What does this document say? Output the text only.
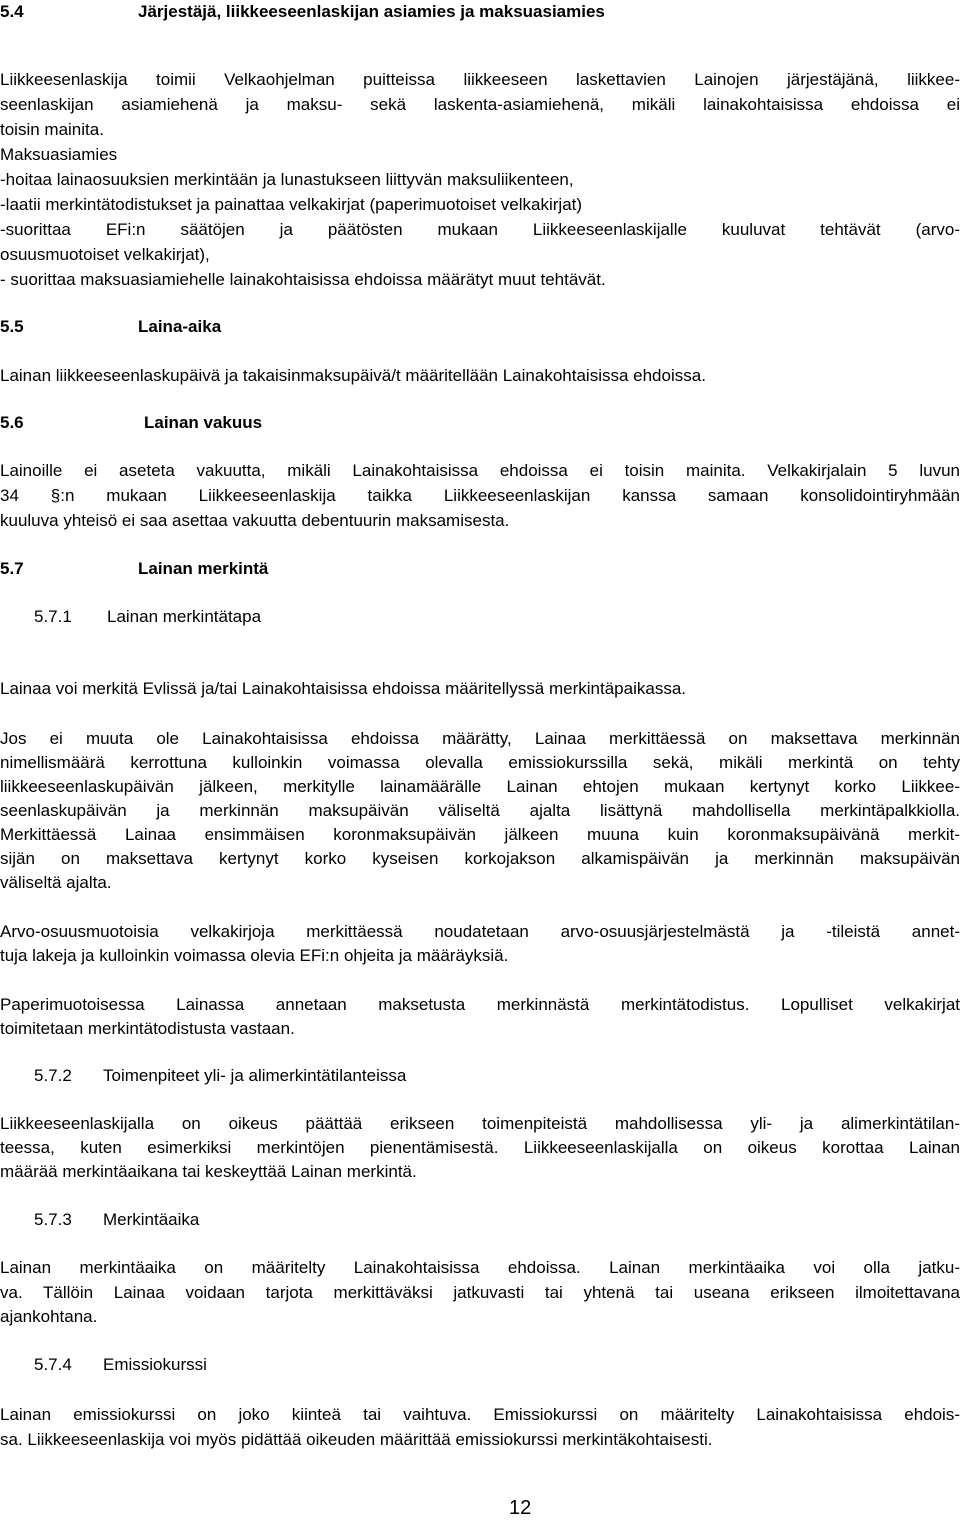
5.4	Järjestäjä, liikkeeseenlaskijan asiamies ja maksuasiamies
Liikkeesenlaskija toimii Velkaohjelman puitteissa liikkeeseen laskettavien Lainojen järjestäjänä, liikkee-
seenlaskijan asiamiehenä ja maksu- sekä laskenta-asiamiehenä, mikäli lainakohtaisissa ehdoissa ei
toisin mainita.
Maksuasiamies
-hoitaa lainaosuuksien merkintään ja lunastukseen liittyvän maksuliikenteen,
-laatii merkintätodistukset ja painattaa velkakirjat (paperimuotoiset velkakirjat)
-suorittaa EFi:n säätöjen ja päätösten mukaan Liikkeeseenlaskijalle kuuluvat tehtävät (arvo-
osuusmuotoiset velkakirjat),
- suorittaa maksuasiamiehelle lainakohtaisissa ehdoissa määrätyt muut tehtävät.
5.5	Laina-aika
Lainan liikkeeseenlaskupäivä ja takaisinmaksupäivä/t määritellään Lainakohtaisissa ehdoissa.
5.6	Lainan vakuus
Lainoille ei aseteta vakuutta, mikäli Lainakohtaisissa ehdoissa ei toisin mainita. Velkakirjalain 5 luvun
34 §:n mukaan Liikkeeseenlaskija taikka Liikkeeseenlaskijan kanssa samaan konsolidointiryhmään
kuuluva yhteisö ei saa asettaa vakuutta debentuurin maksamisesta.
5.7	Lainan merkintä
5.7.1 Lainan merkintätapa
Lainaa voi merkitä Evlissä ja/tai Lainakohtaisissa ehdoissa määritellyssä merkintäpaikassa.
Jos ei muuta ole Lainakohtaisissa ehdoissa määrätty, Lainaa merkittäessä on maksettava merkinnän
nimellismäärä kerrottuna kulloinkin voimassa olevalla emissiokurssilla sekä, mikäli merkintä on tehty
liikkeeseenlaskupäivän jälkeen, merkitylle lainamäärälle Lainan ehtojen mukaan kertynyt korko Liikkee-
seenlaskupäivän ja merkinnän maksupäivän väliseltä ajalta lisättynä mahdollisella merkintäpalkkiolla.
Merkittäessä Lainaa ensimmäisen koronmaksupäivän jälkeen muuna kuin koronmaksupäivänä merkit-
sijän on maksettava kertynyt korko kyseisen korkojakson alkamispäivän ja merkinnän maksupäivän
väliseltä ajalta.
Arvo-osuusmuotoisia velkakirjoja merkittäessä noudatetaan arvo-osuusjärjestelmästä ja -tileistä annet-
tuja lakeja ja kulloinkin voimassa olevia EFi:n ohjeita ja määräyksiä.
Paperimuotoisessa Lainassa annetaan maksetusta merkinnästä merkintätodistus. Lopulliset velkakirjat
toimitetaan merkintätodistusta vastaan.
5.7.2 Toimenpiteet yli- ja alimerkintätilanteissa
Liikkeeseenlaskijalla on oikeus päättää erikseen toimenpiteistä mahdollisessa yli- ja alimerkintätilan-
teessa, kuten esimerkiksi merkintöjen pienentämisestä. Liikkeeseenlaskijalla on oikeus korottaa Lainan
määrää merkintäaikana tai keskeyttää Lainan merkintä.
5.7.3 Merkintäaika
Lainan merkintäaika on määritelty Lainakohtaisissa ehdoissa. Lainan merkintäaika voi olla jatku-
va. Tällöin Lainaa voidaan tarjota merkittäväksi jatkuvasti tai yhtenä tai useana erikseen ilmoitettavana
ajankohtana.
5.7.4 Emissiokurssi
Lainan emissiokurssi on joko kiinteä tai vaihtuva. Emissiokurssi on määritelty Lainakohtaisissa ehdois-
sa. Liikkeeseenlaskija voi myös pidättää oikeuden määrittää emissiokurssi merkintäkohtaisesti.
12
